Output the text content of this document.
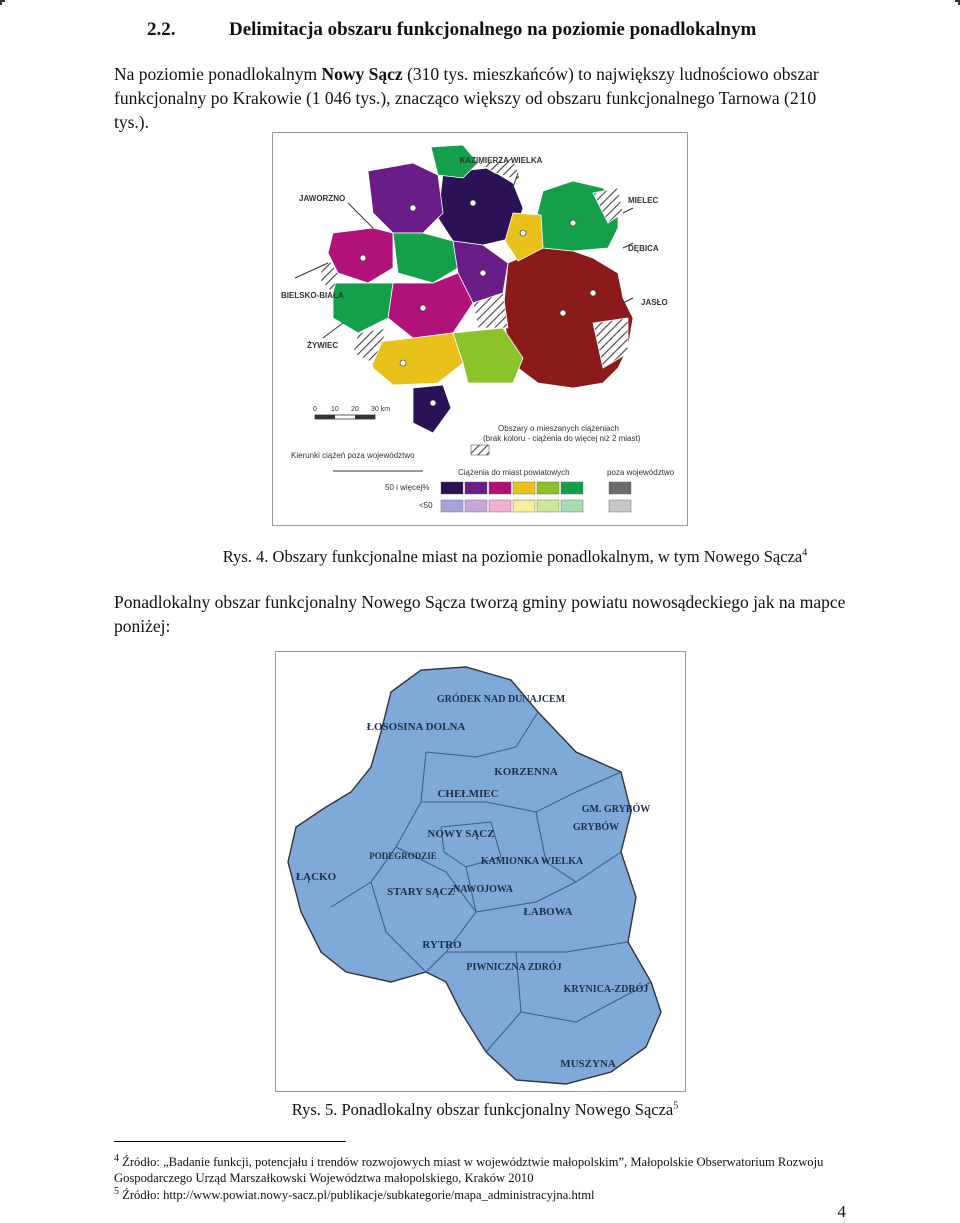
2.2.	Delimitacja obszaru funkcjonalnego na poziomie ponadlokalnym
Na poziomie ponadlokalnym Nowy Sącz (310 tys. mieszkańców) to największy ludnościowo obszar funkcjonalny po Krakowie (1 046 tys.), znacząco większy od obszaru funkcjonalnego Tarnowa (210 tys.).
KAZIMIERZA WIELKA
JAWORZNO	MIELEC
DĘBICA
BIELSKO-BIAŁA
JASŁO
ŻYWIEC
0 10 20 30 km
Obszary o mieszanych ciążeniach
(brak koloru - ciążenia do więcej niż 2 miast)
Kierunki ciążeń poza województwo
Ciążenia do miast powiatowych	poza województwo
50 i więcej%
<50
Rys. 4. Obszary funkcjonalne miast na poziomie ponadlokalnym, w tym Nowego Sącza$^4$
Ponadlokalny obszar funkcjonalny Nowego Sącza tworzą gminy powiatu nowosądeckiego jak na mapce poniżej:
GRÓDEK NAD DUNAJCEM
ŁOSOSINA DOLNA
KORZENNA
CHEŁMIEC
GM. GRYBÓW
GRYBÓW
NOWY SĄCZ
PODEGRODZIE	KAMIONKA WIELKA
ŁĄCKO
STARY SĄCZ
NAWOJOWA
ŁABOWA
RYTRO
PIWNICZNA ZDRÓJ
KRYNICA-ZDRÓJ
MUSZYNA
Rys. 5. Ponadlokalny obszar funkcjonalny Nowego Sącza$^5$
$^4$ Źródło: „Badanie funkcji, potencjału i trendów rozwojowych miast w województwie małopolskim”, Małopolskie Obserwatorium Rozwoju Gospodarczego Urząd Marszałkowski Województwa małopolskiego, Kraków 2010
$^5$ Źródło: http://www.powiat.nowy-sacz.pl/publikacje/subkategorie/mapa_administracyjna.html
4
